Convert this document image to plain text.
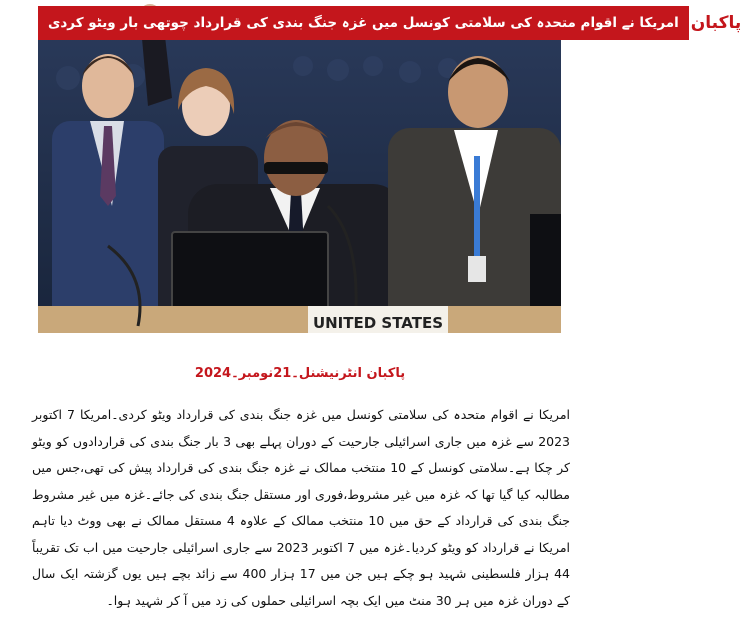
UNITED STATES
امریکا نے اقوام متحدہ کی سلامتی کونسل میں غزہ جنگ بندی کی قرارداد چوتھی بار ویٹو کردی پاکبان
پاکبان انٹرنیشنل۔21نومبر۔2024
امریکا نے اقوام متحدہ کی سلامتی کونسل میں غزہ جنگ بندی کی قرارداد ویٹو کردی۔امریکا 7 اکتوبر 2023 سے غزہ میں جاری اسرائیلی جارحیت کے دوران پہلے بھی 3 بار جنگ بندی کی قراردادوں کو ویٹو کر چکا ہے۔سلامتی کونسل کے 10 منتخب ممالک نے غزہ جنگ بندی کی قرارداد پیش کی تھی،جس میں مطالبہ کیا گیا تھا کہ غزہ میں غیر مشروط،فوری اور مستقل جنگ بندی کی جائے۔غزہ میں غیر مشروط جنگ بندی کی قرارداد کے حق میں 10 منتخب ممالک کے علاوہ 4 مستقل ممالک نے بھی ووٹ دیا تاہم امریکا نے قرارداد کو ویٹو کردیا۔غزہ میں 7 اکتوبر 2023 سے جاری اسرائیلی جارحیت میں اب تک تقریباً 44 ہزار فلسطینی شہید ہو چکے ہیں جن میں 17 ہزار 400 سے زائد بچے ہیں یوں گزشتہ ایک سال کے دوران غزہ میں ہر 30 منٹ میں ایک بچہ اسرائیلی حملوں کی زد میں آ کر شہید ہوا۔
